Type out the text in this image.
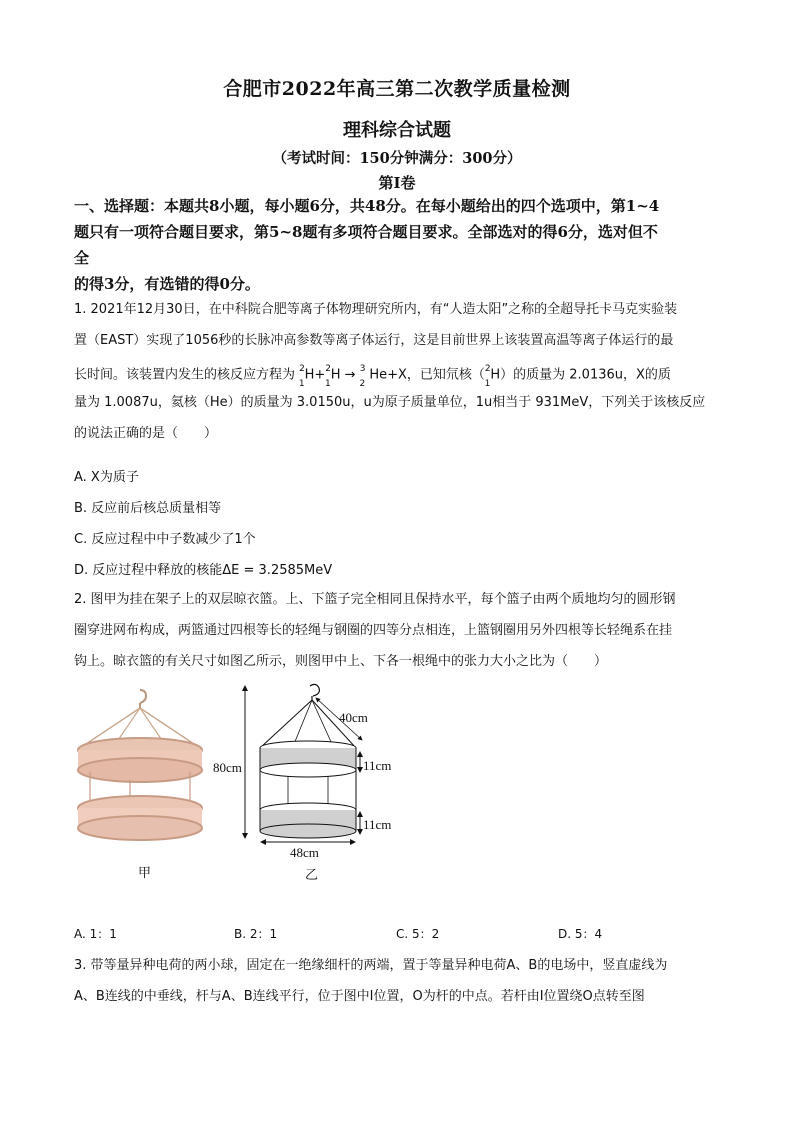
合肥市2022年高三第二次教学质量检测
理科综合试题
（考试时间：150分钟满分：300分）
第Ⅰ卷
一、选择题：本题共8小题，每小题6分，共48分。在每小题给出的四个选项中，第1~4
题只有一项符合题目要求，第5~8题有多项符合题目要求。全部选对的得6分，选对但不
全
的得3分，有选错的得0分。
1. 2021年12月30日，在中科院合肥等离子体物理研究所内，有“人造太阳”之称的全超导托卡马克实验装
置（EAST）实现了1056秒的长脉冲高参数等离子体运行，这是目前世界上该装置高温等离子体运行的最
长时间。该装置内发生的核反应方程为 $^2_1$H+$^2_1$H → $^3_2$ He+X，已知氘核（$^2_1$H）的质量为 2.0136u，X的质
量为 1.0087u，氦核（He）的质量为 3.0150u，u为原子质量单位，1u相当于 931MeV，下列关于该核反应
的说法正确的是（　　）
A. X为质子
B. 反应前后核总质量相等
C. 反应过程中中子数减少了1个
D. 反应过程中释放的核能ΔE = 3.2585MeV
2. 图甲为挂在架子上的双层晾衣篮。上、下篮子完全相同且保持水平，每个篮子由两个质地均匀的圆形钢
圈穿进网布构成，两篮通过四根等长的轻绳与钢圈的四等分点相连，上篮钢圈用另外四根等长轻绳系在挂
钩上。晾衣篮的有关尺寸如图乙所示，则图甲中上、下各一根绳中的张力大小之比为（　　）
甲
40cm
80cm	11cm
11cm
48cm
乙
A. 1：1	B. 2：1	C. 5：2	D. 5：4
3. 带等量异种电荷的两小球，固定在一绝缘细杆的两端，置于等量异种电荷A、B的电场中，竖直虚线为
A、B连线的中垂线，杆与A、B连线平行，位于图中Ⅰ位置，O为杆的中点。若杆由Ⅰ位置绕O点转至图
